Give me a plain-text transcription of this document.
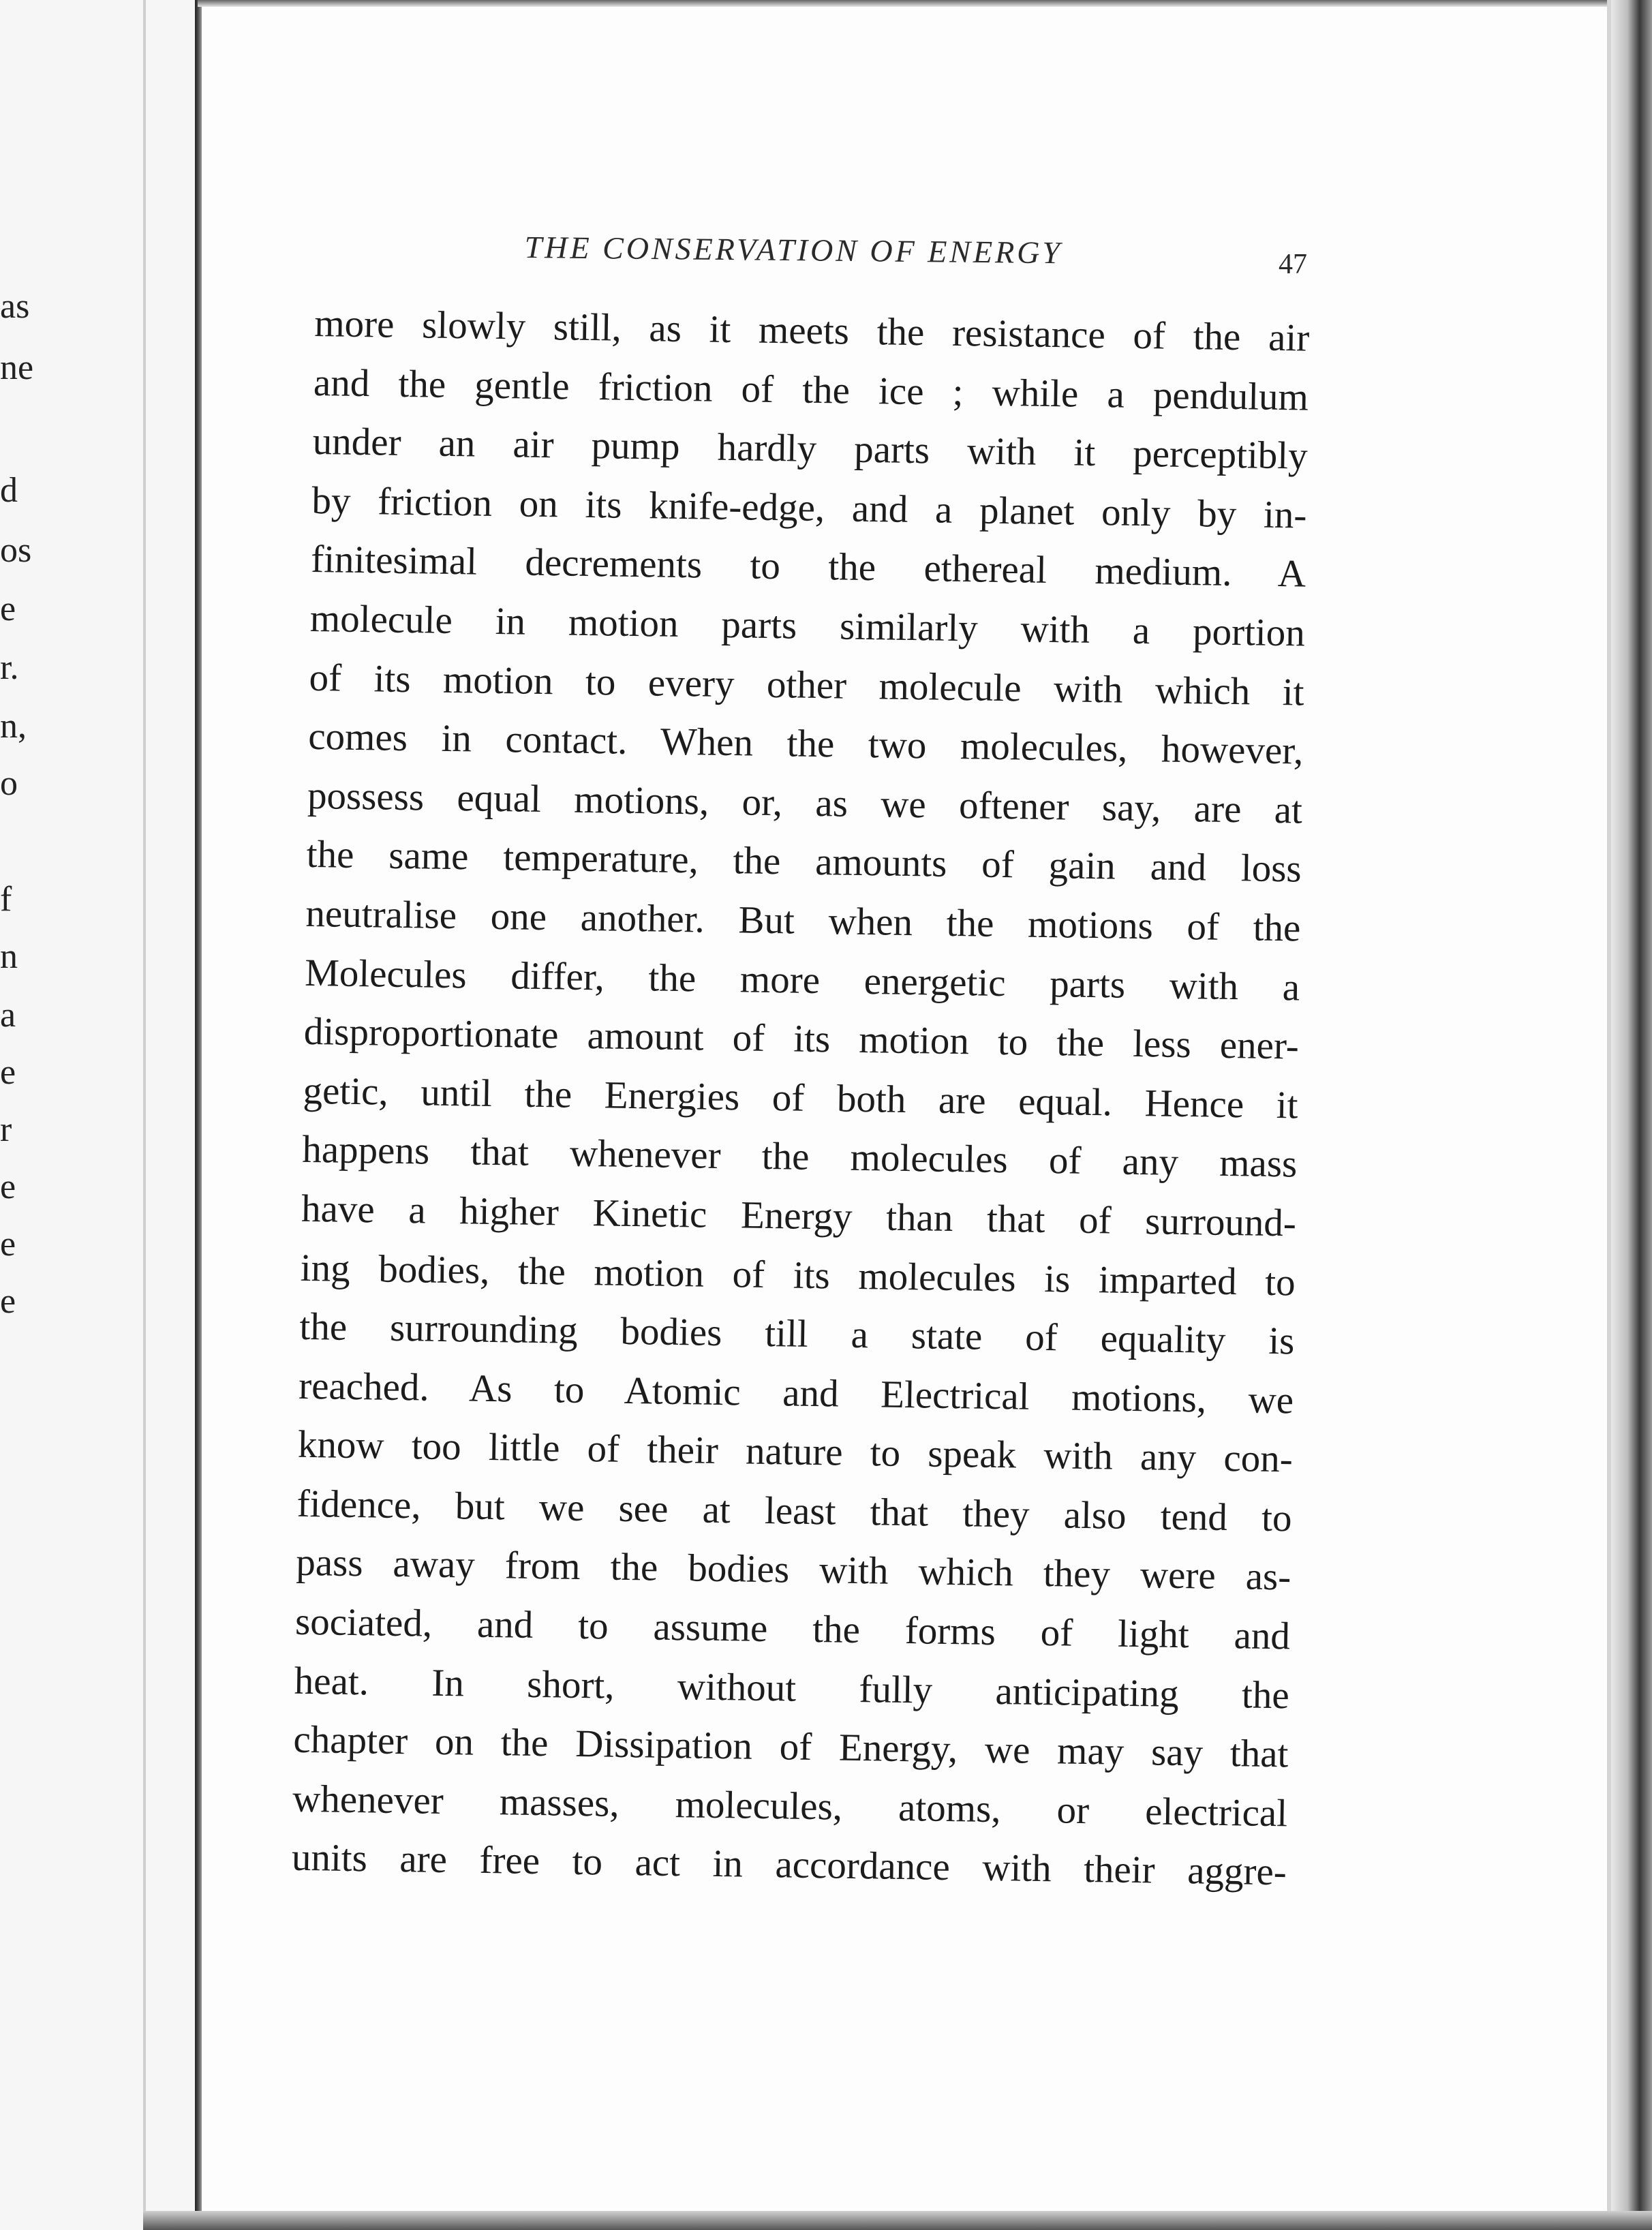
as
ne
d
os
e
r.
n,
o
f
n
a
e
r
e
e
e
THE CONSERVATION OF ENERGY	47
more slowly still, as it meets the resistance of the air
and the gentle friction of the ice ; while a pendulum
under an air pump hardly parts with it perceptibly
by friction on its knife-edge, and a planet only by in-
finitesimal decrements to the ethereal medium. A
molecule in motion parts similarly with a portion
of its motion to every other molecule with which it
comes in contact. When the two molecules, however,
possess equal motions, or, as we oftener say, are at
the same temperature, the amounts of gain and loss
neutralise one another. But when the motions of the
Molecules differ, the more energetic parts with a
disproportionate amount of its motion to the less ener-
getic, until the Energies of both are equal. Hence it
happens that whenever the molecules of any mass
have a higher Kinetic Energy than that of surround-
ing bodies, the motion of its molecules is imparted to
the surrounding bodies till a state of equality is
reached. As to Atomic and Electrical motions, we
know too little of their nature to speak with any con-
fidence, but we see at least that they also tend to
pass away from the bodies with which they were as-
sociated, and to assume the forms of light and
heat. In short, without fully anticipating the
chapter on the Dissipation of Energy, we may say that
whenever masses, molecules, atoms, or electrical
units are free to act in accordance with their aggre-
